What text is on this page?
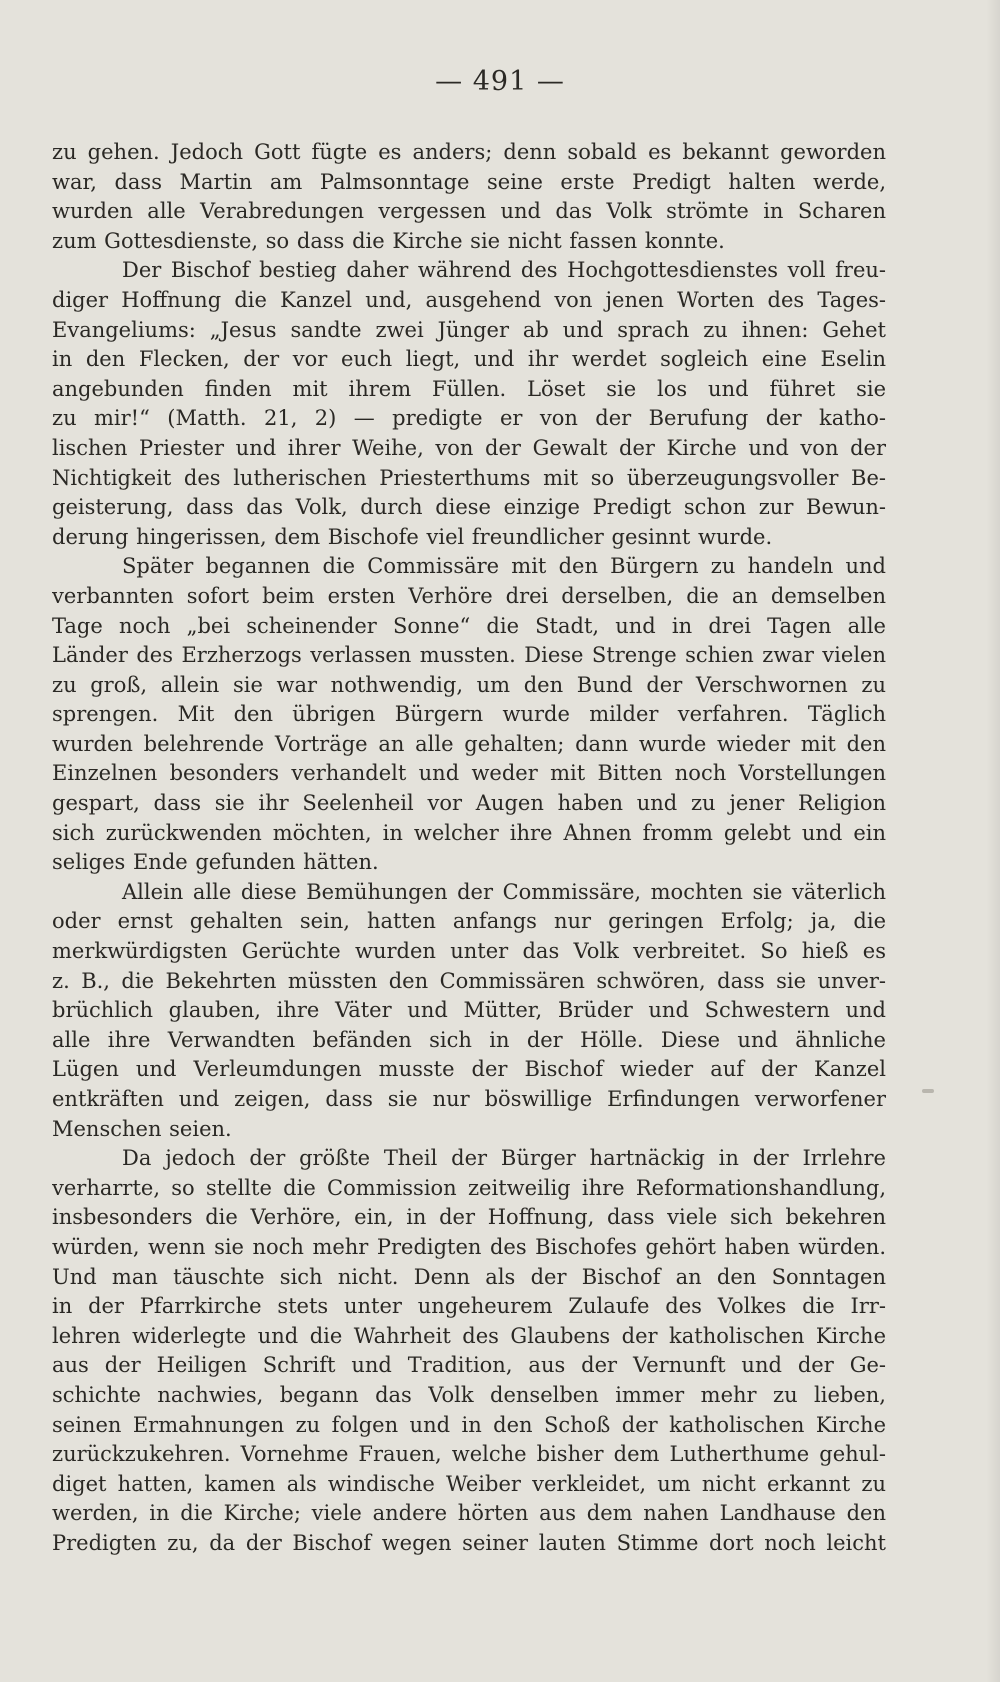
— 491 —
zu gehen. Jedoch Gott fügte es anders; denn sobald es bekannt geworden
war, dass Martin am Palmsonntage seine erste Predigt halten werde,
wurden alle Verabredungen vergessen und das Volk strömte in Scharen
zum Gottesdienste, so dass die Kirche sie nicht fassen konnte.
Der Bischof bestieg daher während des Hochgottesdienstes voll freu-
diger Hoffnung die Kanzel und, ausgehend von jenen Worten des Tages-
Evangeliums: „Jesus sandte zwei Jünger ab und sprach zu ihnen: Gehet
in den Flecken, der vor euch liegt, und ihr werdet sogleich eine Eselin
angebunden finden mit ihrem Füllen. Löset sie los und führet sie
zu mir!“ (Matth. 21, 2) — predigte er von der Berufung der katho-
lischen Priester und ihrer Weihe, von der Gewalt der Kirche und von der
Nichtigkeit des lutherischen Priesterthums mit so überzeugungsvoller Be-
geisterung, dass das Volk, durch diese einzige Predigt schon zur Bewun-
derung hingerissen, dem Bischofe viel freundlicher gesinnt wurde.
Später begannen die Commissäre mit den Bürgern zu handeln und
verbannten sofort beim ersten Verhöre drei derselben, die an demselben
Tage noch „bei scheinender Sonne“ die Stadt, und in drei Tagen alle
Länder des Erzherzogs verlassen mussten. Diese Strenge schien zwar vielen
zu groß, allein sie war nothwendig, um den Bund der Verschwornen zu
sprengen. Mit den übrigen Bürgern wurde milder verfahren. Täglich
wurden belehrende Vorträge an alle gehalten; dann wurde wieder mit den
Einzelnen besonders verhandelt und weder mit Bitten noch Vorstellungen
gespart, dass sie ihr Seelenheil vor Augen haben und zu jener Religion
sich zurückwenden möchten, in welcher ihre Ahnen fromm gelebt und ein
seliges Ende gefunden hätten.
Allein alle diese Bemühungen der Commissäre, mochten sie väterlich
oder ernst gehalten sein, hatten anfangs nur geringen Erfolg; ja, die
merkwürdigsten Gerüchte wurden unter das Volk verbreitet. So hieß es
z. B., die Bekehrten müssten den Commissären schwören, dass sie unver-
brüchlich glauben, ihre Väter und Mütter, Brüder und Schwestern und
alle ihre Verwandten befänden sich in der Hölle. Diese und ähnliche
Lügen und Verleumdungen musste der Bischof wieder auf der Kanzel
entkräften und zeigen, dass sie nur böswillige Erfindungen verworfener
Menschen seien.
Da jedoch der größte Theil der Bürger hartnäckig in der Irrlehre
verharrte, so stellte die Commission zeitweilig ihre Reformationshandlung,
insbesonders die Verhöre, ein, in der Hoffnung, dass viele sich bekehren
würden, wenn sie noch mehr Predigten des Bischofes gehört haben würden.
Und man täuschte sich nicht. Denn als der Bischof an den Sonntagen
in der Pfarrkirche stets unter ungeheurem Zulaufe des Volkes die Irr-
lehren widerlegte und die Wahrheit des Glaubens der katholischen Kirche
aus der Heiligen Schrift und Tradition, aus der Vernunft und der Ge-
schichte nachwies, begann das Volk denselben immer mehr zu lieben,
seinen Ermahnungen zu folgen und in den Schoß der katholischen Kirche
zurückzukehren. Vornehme Frauen, welche bisher dem Lutherthume gehul-
diget hatten, kamen als windische Weiber verkleidet, um nicht erkannt zu
werden, in die Kirche; viele andere hörten aus dem nahen Landhause den
Predigten zu, da der Bischof wegen seiner lauten Stimme dort noch leicht
